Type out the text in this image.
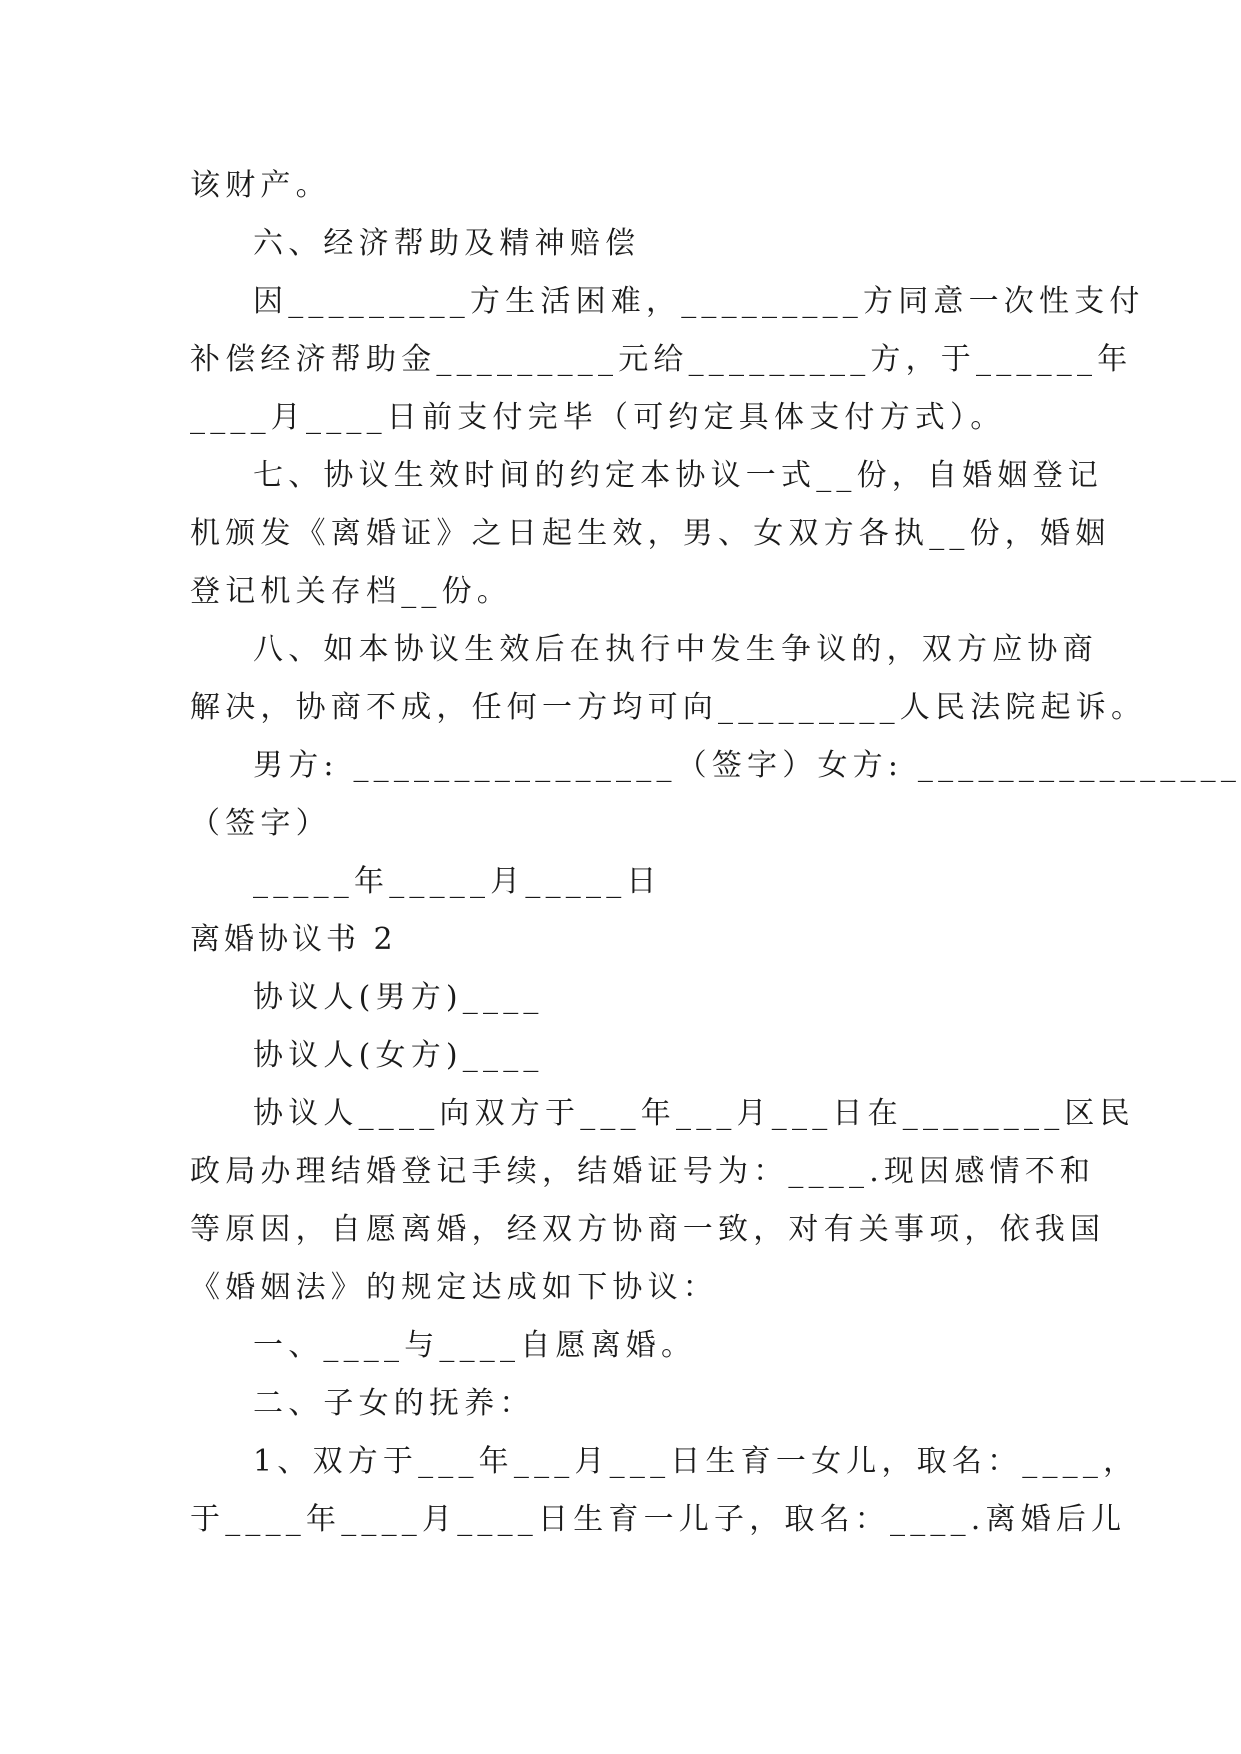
该财产。
六、经济帮助及精神赔偿
因_________方生活困难，_________方同意一次性支付
补偿经济帮助金_________元给_________方，于______年
____月____日前支付完毕（可约定具体支付方式）。
七、协议生效时间的约定本协议一式__份，自婚姻登记
机颁发《离婚证》之日起生效，男、女双方各执__份，婚姻
登记机关存档__份。
八、如本协议生效后在执行中发生争议的，双方应协商
解决，协商不成，任何一方均可向_________人民法院起诉。
男方: ________________（签字）女方: ________________
（签字）
_____年_____月_____日
离婚协议书 2
协议人(男方)____
协议人(女方)____
协议人____向双方于___年___月___日在________区民
政局办理结婚登记手续，结婚证号为：____.现因感情不和
等原因，自愿离婚，经双方协商一致，对有关事项，依我国
《婚姻法》的规定达成如下协议：
一、____与____自愿离婚。
二、子女的抚养：
1、双方于___年___月___日生育一女儿，取名：____，
于____年____月____日生育一儿子，取名：____.离婚后儿
